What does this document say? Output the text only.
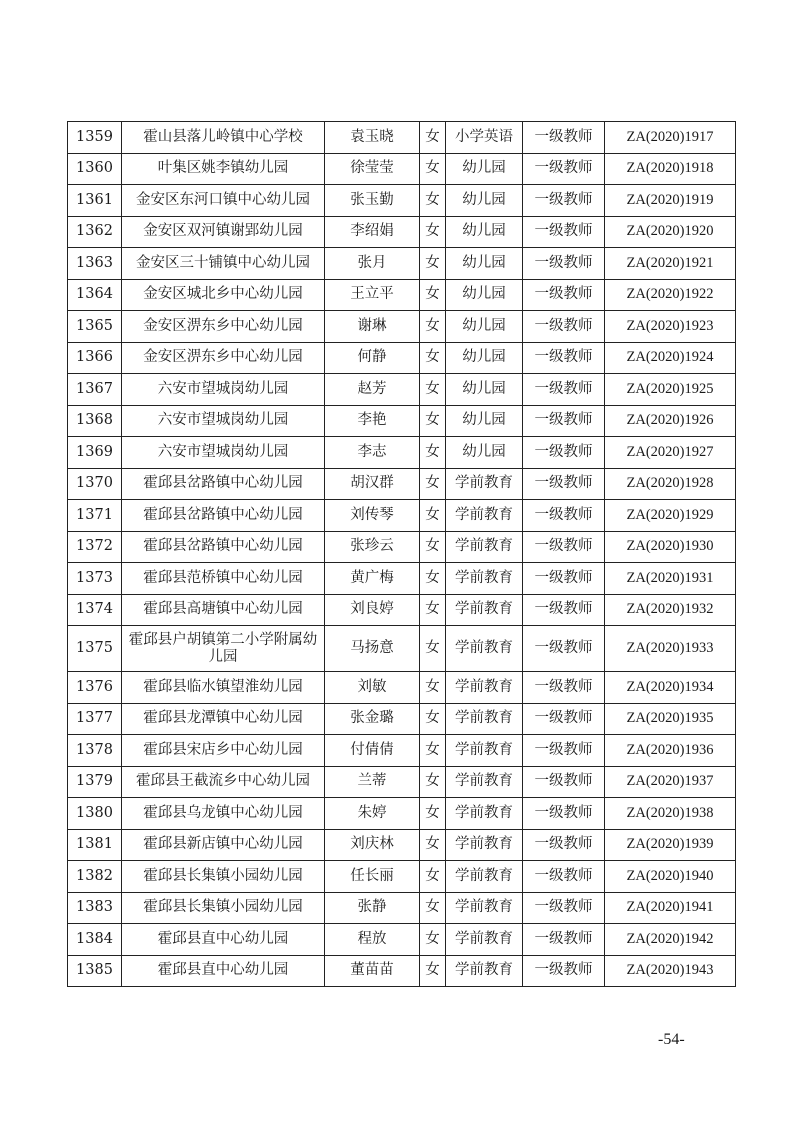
1359	霍山县落儿岭镇中心学校	袁玉晓	女	小学英语	一级教师	ZA(2020)1917
1360	叶集区姚李镇幼儿园	徐莹莹	女	幼儿园	一级教师	ZA(2020)1918
1361	金安区东河口镇中心幼儿园	张玉勤	女	幼儿园	一级教师	ZA(2020)1919
1362	金安区双河镇谢郢幼儿园	李绍娟	女	幼儿园	一级教师	ZA(2020)1920
1363	金安区三十铺镇中心幼儿园	张月	女	幼儿园	一级教师	ZA(2020)1921
1364	金安区城北乡中心幼儿园	王立平	女	幼儿园	一级教师	ZA(2020)1922
1365	金安区淠东乡中心幼儿园	谢琳	女	幼儿园	一级教师	ZA(2020)1923
1366	金安区淠东乡中心幼儿园	何静	女	幼儿园	一级教师	ZA(2020)1924
1367	六安市望城岗幼儿园	赵芳	女	幼儿园	一级教师	ZA(2020)1925
1368	六安市望城岗幼儿园	李艳	女	幼儿园	一级教师	ZA(2020)1926
1369	六安市望城岗幼儿园	李志	女	幼儿园	一级教师	ZA(2020)1927
1370	霍邱县岔路镇中心幼儿园	胡汉群	女	学前教育	一级教师	ZA(2020)1928
1371	霍邱县岔路镇中心幼儿园	刘传琴	女	学前教育	一级教师	ZA(2020)1929
1372	霍邱县岔路镇中心幼儿园	张珍云	女	学前教育	一级教师	ZA(2020)1930
1373	霍邱县范桥镇中心幼儿园	黄广梅	女	学前教育	一级教师	ZA(2020)1931
1374	霍邱县高塘镇中心幼儿园	刘良婷	女	学前教育	一级教师	ZA(2020)1932
1375	霍邱县户胡镇第二小学附属幼儿园	马扬意	女	学前教育	一级教师	ZA(2020)1933
1376	霍邱县临水镇望淮幼儿园	刘敏	女	学前教育	一级教师	ZA(2020)1934
1377	霍邱县龙潭镇中心幼儿园	张金璐	女	学前教育	一级教师	ZA(2020)1935
1378	霍邱县宋店乡中心幼儿园	付倩倩	女	学前教育	一级教师	ZA(2020)1936
1379	霍邱县王截流乡中心幼儿园	兰蒂	女	学前教育	一级教师	ZA(2020)1937
1380	霍邱县乌龙镇中心幼儿园	朱婷	女	学前教育	一级教师	ZA(2020)1938
1381	霍邱县新店镇中心幼儿园	刘庆林	女	学前教育	一级教师	ZA(2020)1939
1382	霍邱县长集镇小园幼儿园	任长丽	女	学前教育	一级教师	ZA(2020)1940
1383	霍邱县长集镇小园幼儿园	张静	女	学前教育	一级教师	ZA(2020)1941
1384	霍邱县直中心幼儿园	程放	女	学前教育	一级教师	ZA(2020)1942
1385	霍邱县直中心幼儿园	董苗苗	女	学前教育	一级教师	ZA(2020)1943
-54-
